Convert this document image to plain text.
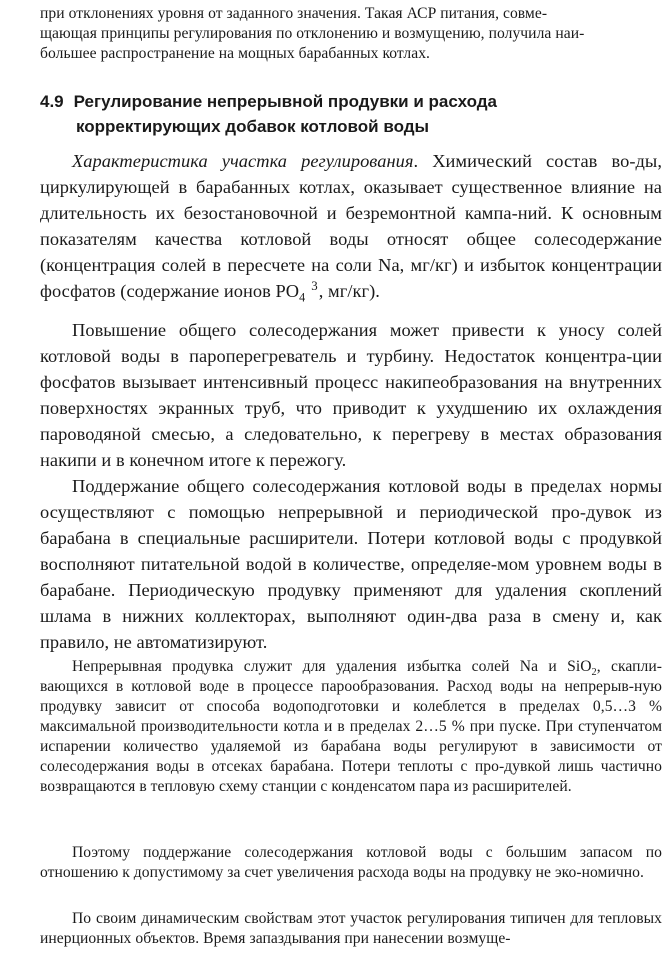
при отклонениях уровня от заданного значения. Такая АСР питания, совме-
щающая принципы регулирования по отклонению и возмущению, получила наи-
большее распространение на мощных барабанных котлах.
4.9 Регулирование непрерывной продувки и расхода
корректирующих добавок котловой воды

Характеристика участка регулирования. Химический состав во-ды, циркулирующей в барабанных котлах, оказывает существенное влияние на длительность их безостановочной и безремонтной кампа-ний. К основным показателям качества котловой воды относят общее солесодержание (концентрация солей в пересчете на соли Na, мг/кг) и избыток концентрации фосфатов (содержание ионов $PO_4^3$, мг/кг).

Повышение общего солесодержания может привести к уносу солей котловой воды в пароперегреватель и турбину. Недостаток концентра-ции фосфатов вызывает интенсивный процесс накипеобразования на внутренних поверхностях экранных труб, что приводит к ухудшению их охлаждения пароводяной смесью, а следовательно, к перегреву в местах образования накипи и в конечном итоге к пережогу.

Поддержание общего солесодержания котловой воды в пределах нормы осуществляют с помощью непрерывной и периодической про-дувок из барабана в специальные расширители. Потери котловой воды с продувкой восполняют питательной водой в количестве, определяе-мом уровнем воды в барабане. Периодическую продувку применяют для удаления скоплений шлама в нижних коллекторах, выполняют один-два раза в смену и, как правило, не автоматизируют.

Непрерывная продувка служит для удаления избытка солей Na и SiO$_2$, скапли-вающихся в котловой воде в процессе парообразования. Расход воды на непрерыв-ную продувку зависит от способа водоподготовки и колеблется в пределах 0,5…3 % максимальной производительности котла и в пределах 2…5 % при пуске. При ступенчатом испарении количество удаляемой из барабана воды регулируют в зависимости от солесодержания воды в отсеках барабана. Потери теплоты с про-дувкой лишь частично возвращаются в тепловую схему станции с конденсатом пара из расширителей.

Поэтому поддержание солесодержания котловой воды с большим запасом по отношению к допустимому за счет увеличения расхода воды на продувку не эко-номично.

По своим динамическим свойствам этот участок регулирования типичен для тепловых инерционных объектов. Время запаздывания при нанесении возмуще-
